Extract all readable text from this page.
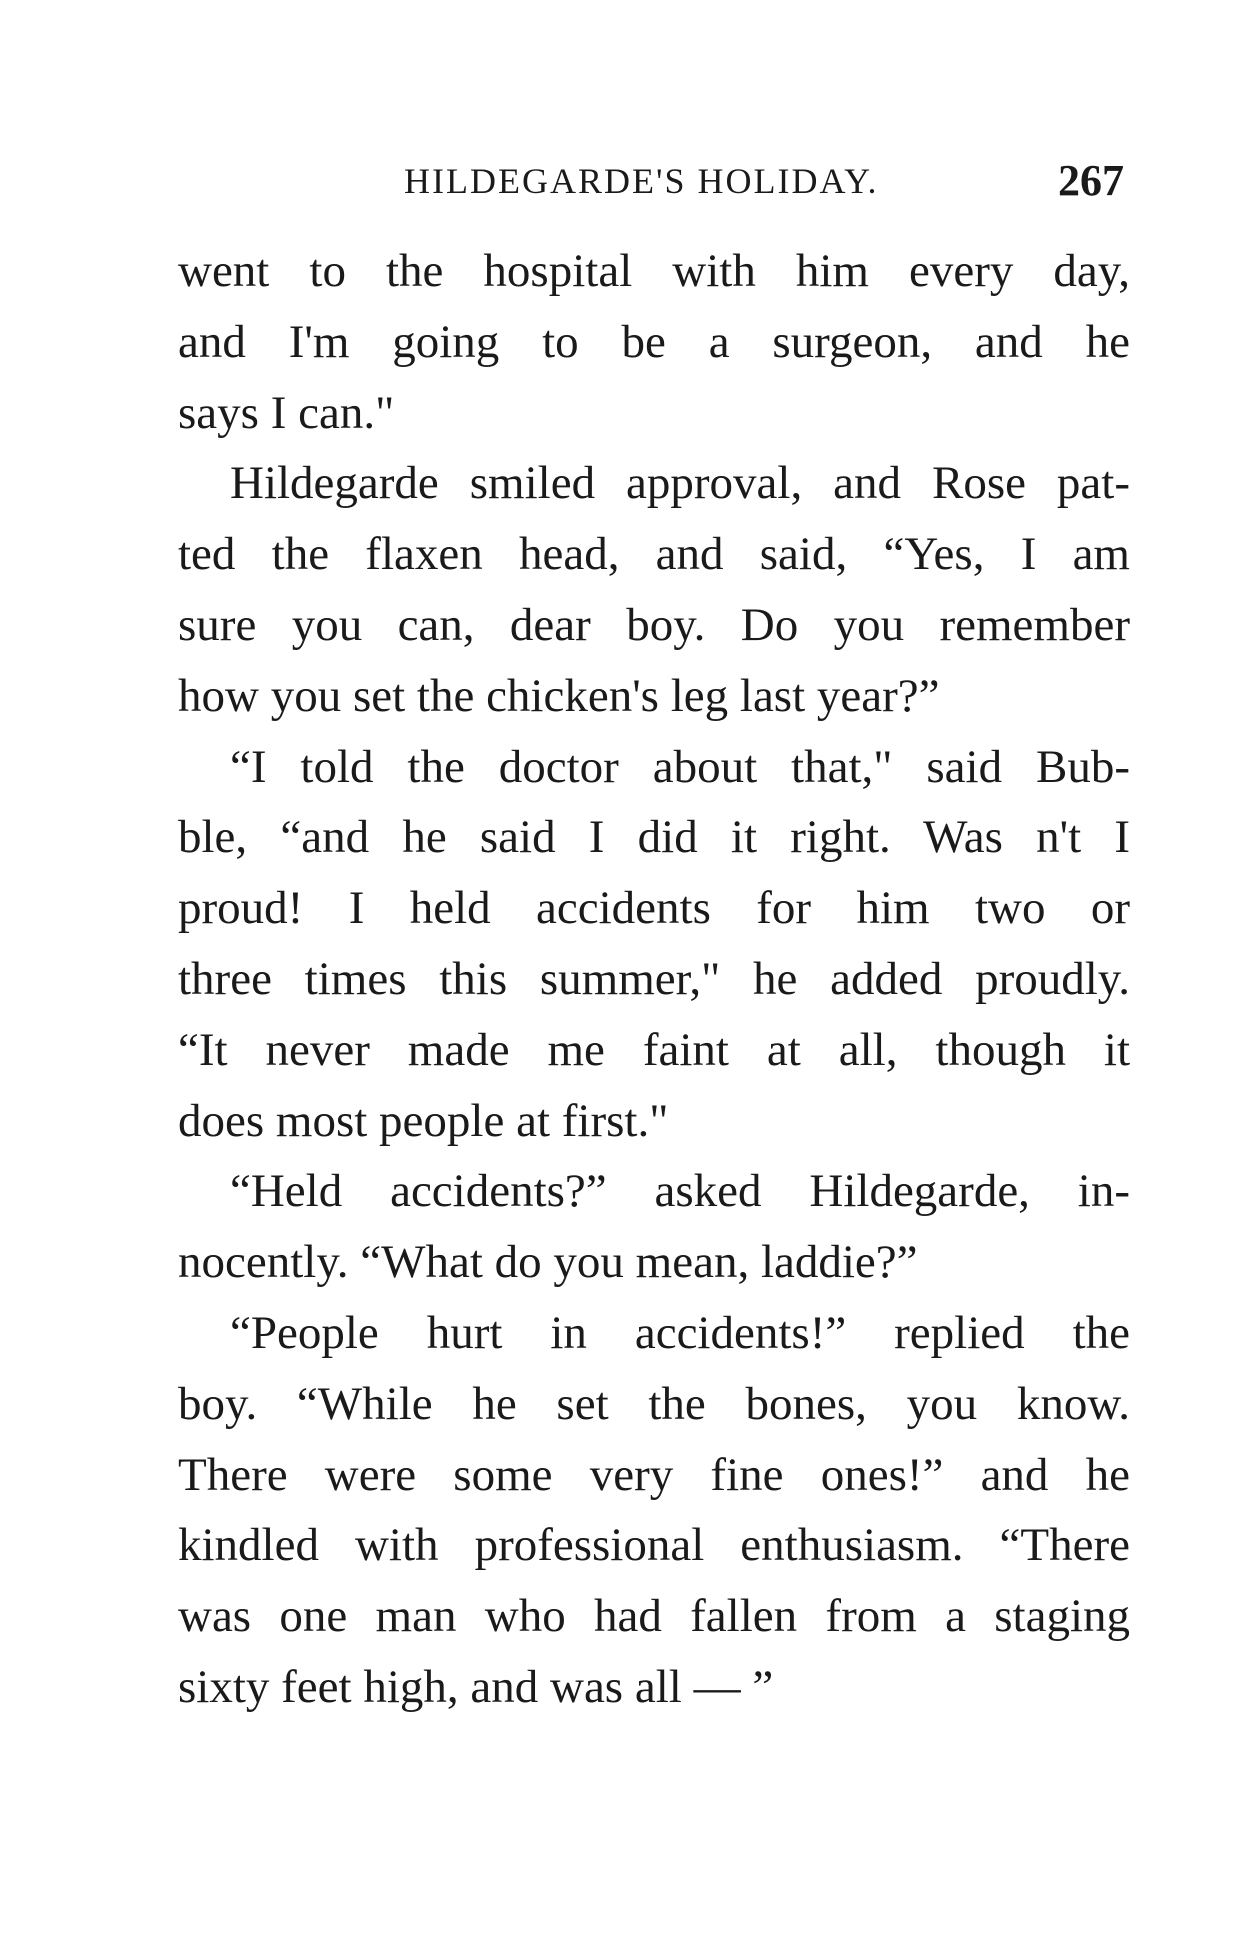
HILDEGARDE'S HOLIDAY.	267
went to the hospital with him every day,
and I'm going to be a surgeon, and he
says I can."
Hildegarde smiled approval, and Rose pat-
ted the flaxen head, and said, “Yes, I am
sure you can, dear boy. Do you remember
how you set the chicken's leg last year?”
“I told the doctor about that," said Bub-
ble, “and he said I did it right. Was n't I
proud! I held accidents for him two or
three times this summer," he added proudly.
“It never made me faint at all, though it
does most people at first."
“Held accidents?” asked Hildegarde, in-
nocently. “What do you mean, laddie?”
“People hurt in accidents!” replied the
boy. “While he set the bones, you know.
There were some very fine ones!” and he
kindled with professional enthusiasm. “There
was one man who had fallen from a staging
sixty feet high, and was all — ”
